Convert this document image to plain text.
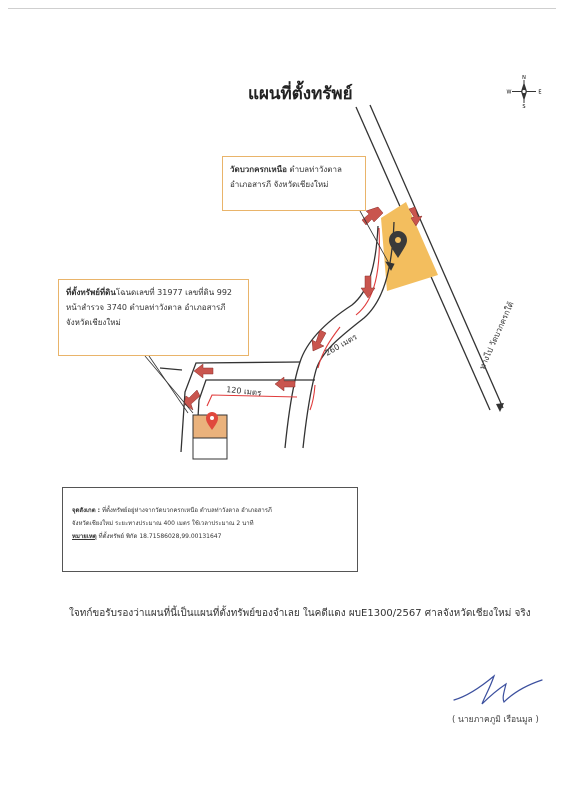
แผนที่ตั้งทรัพย์
N
S
E
W
ทางไป วัดบวกครกใต้
260 เมตร
120 เมตร
วัดบวกครกเหนือ ตำบลท่าวังตาล
อำเภอสารภี จังหวัดเชียงใหม่
ที่ตั้งทรัพย์ที่ดินโฉนดเลขที่ 31977 เลขที่ดิน 992
หน้าสำรวจ 3740 ตำบลท่าวังตาล อำเภอสารภี
จังหวัดเชียงใหม่
จุดสังเกต : ที่ตั้งทรัพย์อยู่ห่างจากวัดบวกครกเหนือ ตำบลท่าวังตาล อำเภอสารภี
จังหวัดเชียงใหม่ ระยะทางประมาณ 400 เมตร ใช้เวลาประมาณ 2 นาที
หมายเหตุ ที่ตั้งทรัพย์ พิกัด 18.71586028,99.00131647
ใจทก์ขอรับรองว่าแผนที่นี้เป็นแผนที่ตั้งทรัพย์ของจำเลย ในคดีแดง ผบE1300/2567 ศาลจังหวัดเชียงใหม่ จริง
( นายภาคภูมิ เรือนมูล )
